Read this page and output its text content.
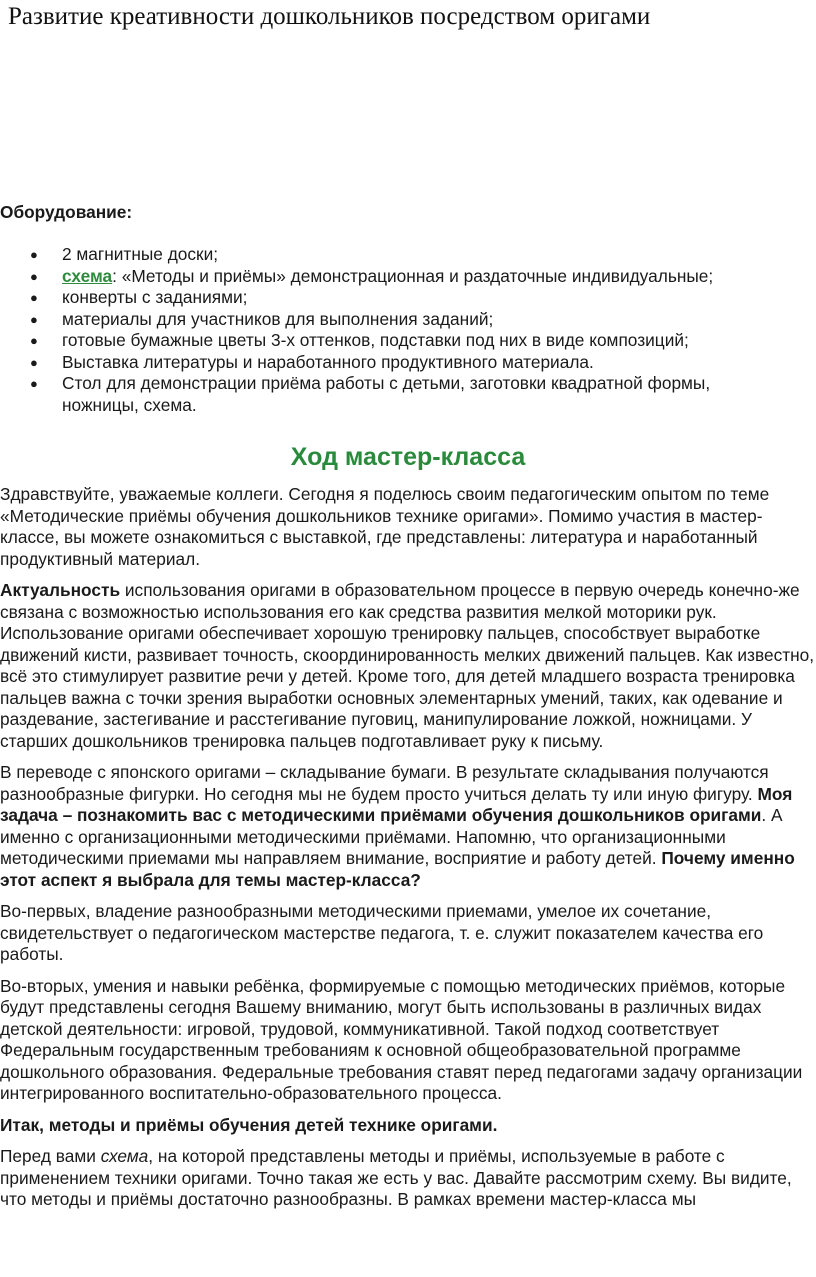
Развитие креативности дошкольников посредством оригами
Оборудование:
● 2 магнитные доски;
● схема: «Методы и приёмы» демонстрационная и раздаточные индивидуальные;
● конверты с заданиями;
● материалы для участников для выполнения заданий;
● готовые бумажные цветы 3-х оттенков, подставки под них в виде композиций;
● Выставка литературы и наработанного продуктивного материала.
● Стол для демонстрации приёма работы с детьми, заготовки квадратной формы, ножницы, схема.
Ход мастер-класса

Здравствуйте, уважаемые коллеги. Сегодня я поделюсь своим педагогическим опытом по теме «Методические приёмы обучения дошкольников технике оригами». Помимо участия в мастер-классе, вы можете ознакомиться с выставкой, где представлены: литература и наработанный продуктивный материал.

Актуальность использования оригами в образовательном процессе в первую очередь конечно-же связана с возможностью использования его как средства развития мелкой моторики рук. Использование оригами обеспечивает хорошую тренировку пальцев, способствует выработке движений кисти, развивает точность, скоординированность мелких движений пальцев. Как известно, всё это стимулирует развитие речи у детей. Кроме того, для детей младшего возраста тренировка пальцев важна с точки зрения выработки основных элементарных умений, таких, как одевание и раздевание, застегивание и расстегивание пуговиц, манипулирование ложкой, ножницами. У старших дошкольников тренировка пальцев подготавливает руку к письму.

В переводе с японского оригами – складывание бумаги. В результате складывания получаются разнообразные фигурки. Но сегодня мы не будем просто учиться делать ту или иную фигуру. Моя задача – познакомить вас с методическими приёмами обучения дошкольников оригами. А именно с организационными методическими приёмами. Напомню, что организационными методическими приемами мы направляем внимание, восприятие и работу детей. Почему именно этот аспект я выбрала для темы мастер-класса?

Во-первых, владение разнообразными методическими приемами, умелое их сочетание, свидетельствует о педагогическом мастерстве педагога, т. е. служит показателем качества его работы.

Во-вторых, умения и навыки ребёнка, формируемые с помощью методических приёмов, которые будут представлены сегодня Вашему вниманию, могут быть использованы в различных видах детской деятельности: игровой, трудовой, коммуникативной. Такой подход соответствует Федеральным государственным требованиям к основной общеобразовательной программе дошкольного образования. Федеральные требования ставят перед педагогами задачу организации интегрированного воспитательно-образовательного процесса.

Итак, методы и приёмы обучения детей технике оригами.

Перед вами схема, на которой представлены методы и приёмы, используемые в работе с применением техники оригами. Точно такая же есть у вас. Давайте рассмотрим схему. Вы видите, что методы и приёмы достаточно разнообразны. В рамках времени мастер-класса мы
